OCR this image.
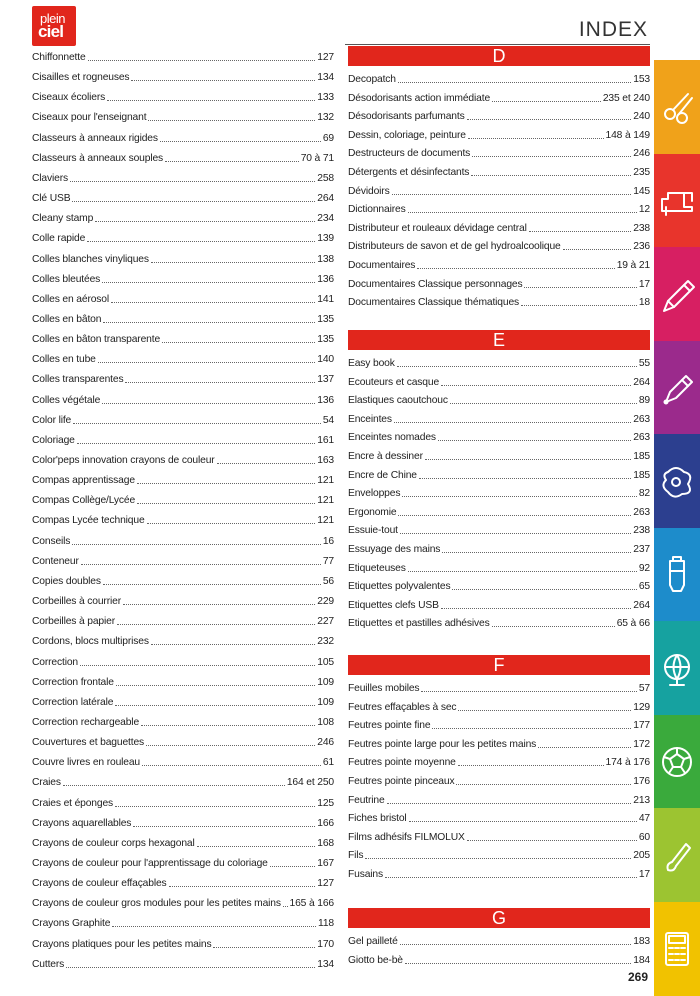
plein
ciel	INDEX
Chiffonnette	127
Cisailles et rogneuses	134
Ciseaux écoliers	133
Ciseaux pour l'enseignant	132
Classeurs à anneaux rigides	69
Classeurs à anneaux souples	70 à 71
Claviers	258
Clé USB	264
Cleany stamp	234
Colle rapide	139
Colles blanches vinyliques	138
Colles bleutées	136
Colles en aérosol	141
Colles en bâton	135
Colles en bâton transparente	135
Colles en tube	140
Colles transparentes	137
Colles végétale	136
Color life	54
Coloriage	161
Color'peps innovation crayons de couleur	163
Compas apprentissage	121
Compas Collège/Lycée	121
Compas Lycée technique	121
Conseils	16
Conteneur	77
Copies doubles	56
Corbeilles à courrier	229
Corbeilles à papier	227
Cordons, blocs multiprises	232
Correction	105
Correction frontale	109
Correction latérale	109
Correction rechargeable	108
Couvertures et baguettes	246
Couvre livres en rouleau	61
Craies	164 et 250
Craies et éponges	125
Crayons aquarellables	166
Crayons de couleur corps hexagonal	168
Crayons de couleur pour l'apprentissage du coloriage	167
Crayons de couleur effaçables	127
Crayons de couleur gros modules pour les petites mains 165 à 166
Crayons Graphite	118
Crayons platiques pour les petites mains	170
Cutters	134
D
Decopatch	153
Désodorisants action immédiate	235 et 240
Désodorisants parfumants	240
Dessin, coloriage, peinture	148 à 149
Destructeurs de documents	246
Détergents et désinfectants	235
Dévidoirs	145
Dictionnaires	12
Distributeur et rouleaux dévidage central	238
Distributeurs de savon et de gel hydroalcoolique	236
Documentaires	19 à 21
Documentaires Classique personnages	17
Documentaires Classique thématiques	18
E
Easy book	55
Ecouteurs et casque	264
Elastiques caoutchouc	89
Enceintes	263
Enceintes nomades	263
Encre à dessiner	185
Encre de Chine	185
Enveloppes	82
Ergonomie	263
Essuie-tout	238
Essuyage des mains	237
Etiqueteuses	92
Etiquettes polyvalentes	65
Etiquettes clefs USB	264
Etiquettes et pastilles adhésives	65 à 66
F
Feuilles mobiles	57
Feutres effaçables à sec	129
Feutres pointe fine	177
Feutres pointe large pour les petites mains	172
Feutres pointe moyenne	174 à 176
Feutres pointe pinceaux	176
Feutrine	213
Fiches bristol	47
Films adhésifs FILMOLUX	60
Fils	205
Fusains	17
G
Gel pailleté	183
Giotto be-bè	184
269
